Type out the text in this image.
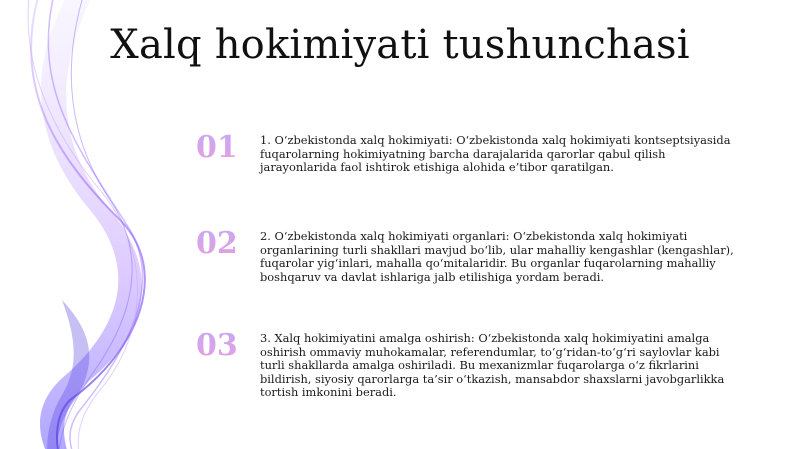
Xalq hokimiyati tushunchasi
01	1. O‘zbekistonda xalq hokimiyati: O‘zbekistonda xalq hokimiyati kontseptsiyasida fuqarolarning hokimiyatning barcha darajalarida qarorlar qabul qilish jarayonlarida faol ishtirok etishiga alohida e’tibor qaratilgan.

02	2. O‘zbekistonda xalq hokimiyati organlari: O‘zbekistonda xalq hokimiyati organlarining turli shakllari mavjud bo‘lib, ular mahalliy kengashlar (kengashlar), fuqarolar yig‘inlari, mahalla qo‘mitalaridir. Bu organlar fuqarolarning mahalliy boshqaruv va davlat ishlariga jalb etilishiga yordam beradi.

03	3. Xalq hokimiyatini amalga oshirish: O‘zbekistonda xalq hokimiyatini amalga oshirish ommaviy muhokamalar, referendumlar, to‘g‘ridan-to‘g‘ri saylovlar kabi turli shakllarda amalga oshiriladi. Bu mexanizmlar fuqarolarga o‘z fikrlarini bildirish, siyosiy qarorlarga ta’sir o‘tkazish, mansabdor shaxslarni javobgarlikka tortish imkonini beradi.
